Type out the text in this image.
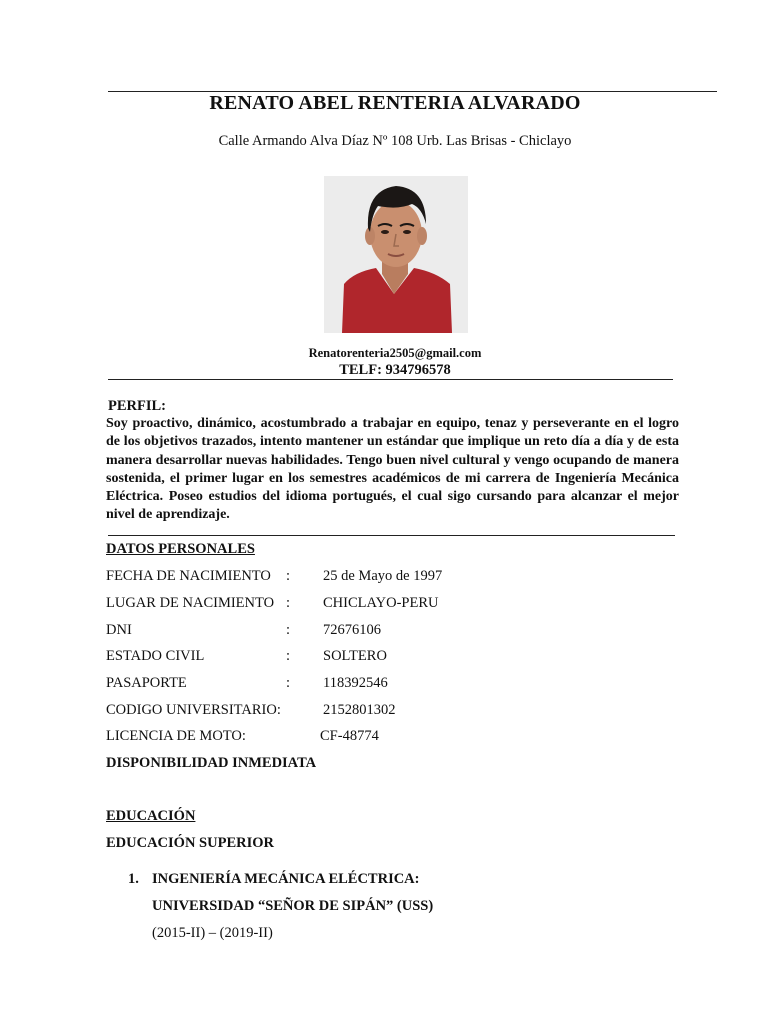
RENATO ABEL RENTERIA ALVARADO
Calle Armando Alva Díaz Nº 108 Urb. Las Brisas - Chiclayo
Renatorenteria2505@gmail.com
TELF: 934796578
PERFIL:
Soy proactivo, dinámico, acostumbrado a trabajar en equipo, tenaz y perseverante en el logro de los objetivos trazados, intento mantener un estándar que implique un reto día a día y de esta manera desarrollar nuevas habilidades. Tengo buen nivel cultural y vengo ocupando de manera sostenida, el primer lugar en los semestres académicos de mi carrera de Ingeniería Mecánica Eléctrica. Poseo estudios del idioma portugués, el cual sigo cursando para alcanzar el mejor nivel de aprendizaje.
DATOS PERSONALES
FECHA DE NACIMIENTO : 25 de Mayo de 1997
LUGAR DE NACIMIENTO : CHICLAYO-PERU
DNI	: 72676106
ESTADO CIVIL	: SOLTERO
PASAPORTE	: 118392546
CODIGO UNIVERSITARIO:	2152801302
LICENCIA DE MOTO:	CF-48774
DISPONIBILIDAD INMEDIATA
EDUCACIÓN
EDUCACIÓN SUPERIOR
1. INGENIERÍA MECÁNICA ELÉCTRICA:
UNIVERSIDAD “SEÑOR DE SIPÁN” (USS)
(2015-II) – (2019-II)
